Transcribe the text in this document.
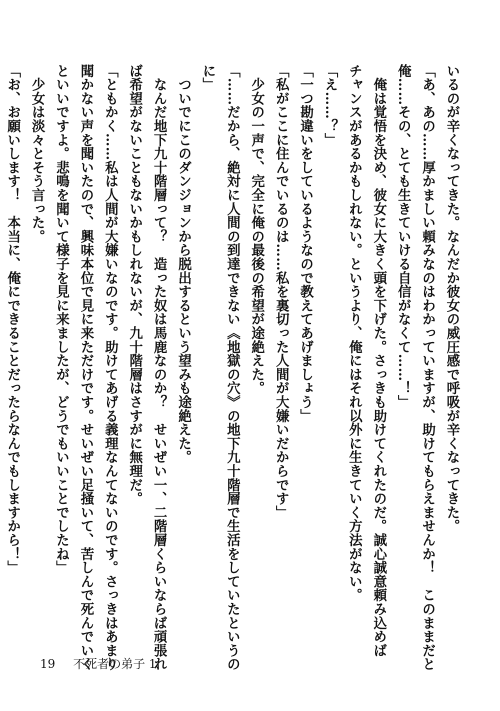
いるのが辛くなってきた。なんだか彼女の威圧感で呼吸が辛くなってきた。
「あ、あの……厚かましい頼みなのはわかっていますが、助けてもらえませんか！　このままだと
俺……その、とても生きていける自信がなくて……！」
　俺は覚悟を決め、彼女に大きく頭を下げた。さっきも助けてくれたのだ。誠心誠意頼み込めば
チャンスがあるかもしれない。というより、俺にはそれ以外に生きていく方法がない。
「え……？」
「一つ勘違いをしているようなので教えてあげましょう」
「私がここに住んでいるのは……私を裏切った人間が大嫌いだからです」
　少女の一声で、完全に俺の最後の希望が途絶えた。
「……だから、絶対に人間の到達できない《地獄の穴》の地下九十階層で生活をしていたというの
に」
　ついでにこのダンジョンから脱出するという望みも途絶えた。
　なんだ地下九十階層って？　造った奴は馬鹿なのか？　せいぜい一、二階層くらいならば頑張れ
ば希望がないこともないかもしれないが、九十階層はさすがに無理だ。
「ともかく……私は人間が大嫌いなのです。助けてあげる義理なんてないのです。さっきはあまり
聞かない声を聞いたので、興味本位で見に来ただけです。せいぜい足掻いて、苦しんで死んでいく
といいですよ。悲鳴を聞いて様子を見に来ましたが、どうでもいいことでしたね」
　少女は淡々とそう言った。
「お、お願いします！　本当に、俺にできることだったらなんでもしますから！」
19 不死者の弟子 1
